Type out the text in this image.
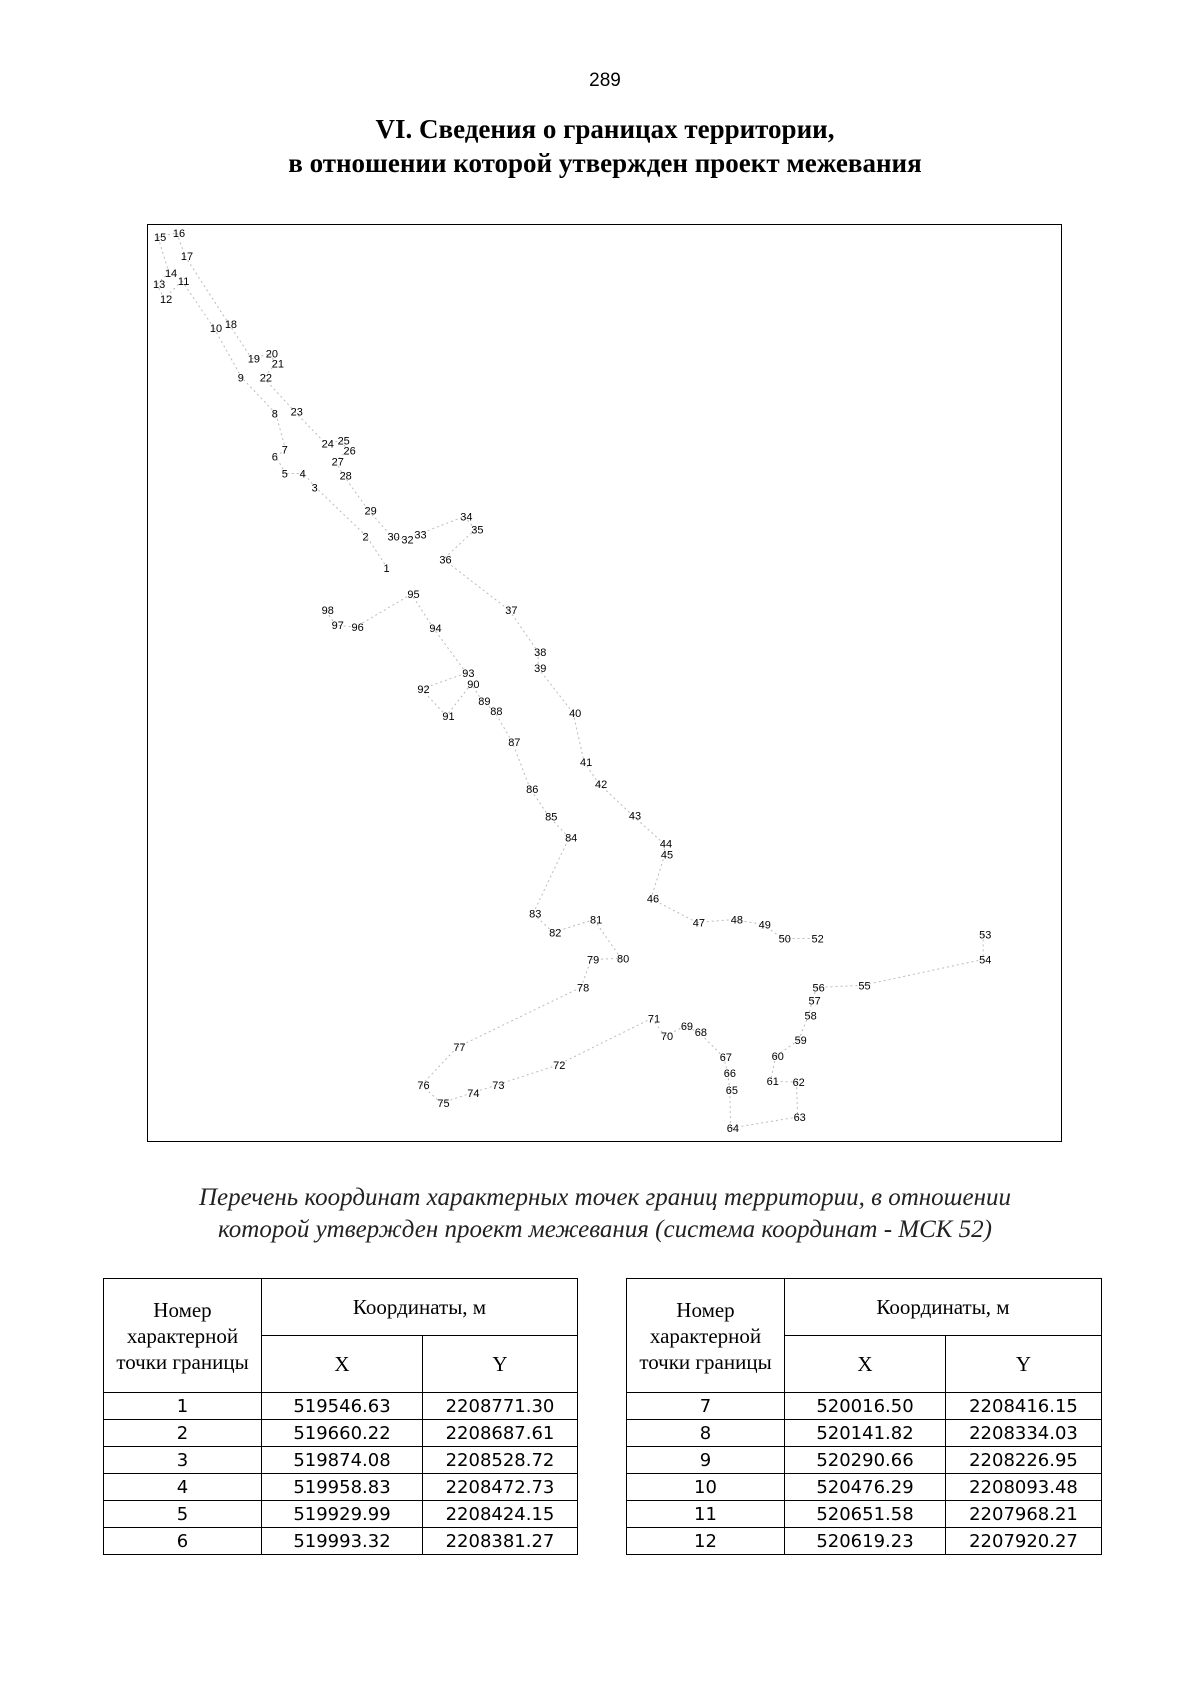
289
VI. Сведения о границах территории,
в отношении которой утвержден проект межевания
15 16
17
14
13 11
12
10 18
19 20
21
9 22
8 23
7
6
24 25
26
27
5 4	28
3
29	34
35
2 30 32 33
36
1
95
37
98
97 96	94
38
39
93
90
92
89
88	40
91
87
41
42
86
85	43
84	44
45
46
83	81	47 48 49
82	50 52	53
79 80	54
55
56
78
57
58
71
69 68
70	59
77
67	60
72
66
76	73	61 62
74	65
75
63
64
Перечень координат характерных точек границ территории, в отношении
которой утвержден проект межевания (система координат - МСК 52)
Номер характерной точки границы	Координаты, м	
	X	Y
1	519546.63	2208771.30
2	519660.22	2208687.61
3	519874.08	2208528.72
4	519958.83	2208472.73
5	519929.99	2208424.15
6	519993.32	2208381.27
Номер характерной точки границы	Координаты, м	
	X	Y
7	520016.50	2208416.15
8	520141.82	2208334.03
9	520290.66	2208226.95
10	520476.29	2208093.48
11	520651.58	2207968.21
12	520619.23	2207920.27
